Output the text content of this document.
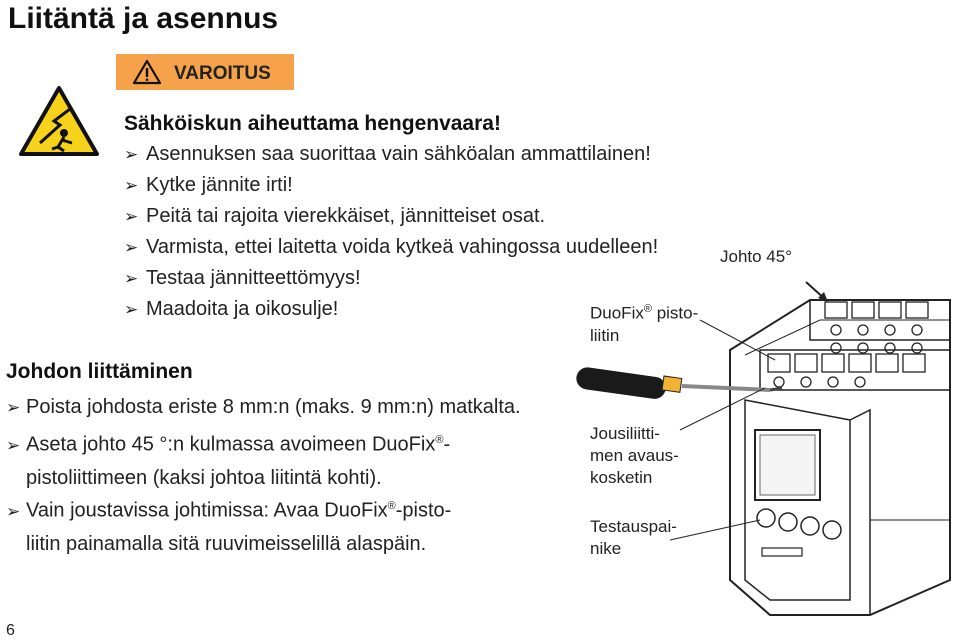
Liitäntä ja asennus
VAROITUS
Sähköiskun aiheuttama hengenvaara!
➢ Asennuksen saa suorittaa vain sähköalan ammattilainen!
➢ Kytke jännite irti!
➢ Peitä tai rajoita vierekkäiset, jännitteiset osat.
➢ Varmista, ettei laitetta voida kytkeä vahingossa uudelleen!
➢ Testaa jännitteettömyys!
➢ Maadoita ja oikosulje!
Johdon liittäminen
➢ Poista johdosta eriste 8 mm:n (maks. 9 mm:n) matkalta.
➢ Aseta johto 45 °:n kulmassa avoimeen DuoFix®-
pistoliittimeen (kaksi johtoa liitintä kohti).
➢ Vain joustavissa johtimissa: Avaa DuoFix®-pisto-
liitin painamalla sitä ruuvimeisselillä alaspäin.
Johto 45°
DuoFix® pisto-
liitin
Jousiliitti-
men avaus-
kosketin
Testauspai-
nike
6
